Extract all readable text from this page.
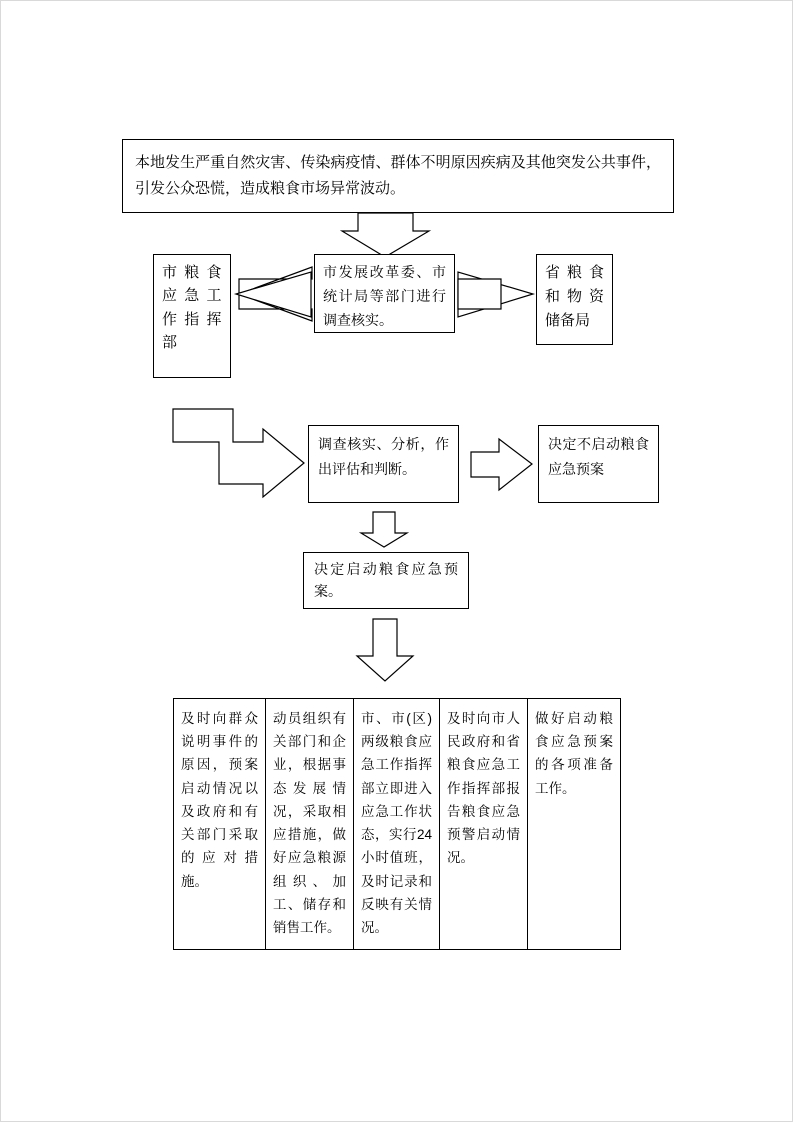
本地发生严重自然灾害、传染病疫情、群体不明原因疾病及其他突发公共事件，引发公众恐慌，造成粮食市场异常波动。
市粮食应急工作指挥部
市发展改革委、市统计局等部门进行调查核实。
省粮食和物资储备局
调查核实、分析，作出评估和判断。
决定不启动粮食应急预案
决定启动粮食应急预案。
及时向群众说明事件的原因，预案启动情况以及政府和有关部门采取的应对措施。
动员组织有关部门和企业，根据事态发展情况，采取相应措施，做好应急粮源组织、加工、储存和销售工作。
市、市(区)两级粮食应急工作指挥部立即进入应急工作状态，实行24小时值班，及时记录和反映有关情况。
及时向市人民政府和省粮食应急工作指挥部报告粮食应急预警启动情况。
做好启动粮食应急预案的各项准备工作。
